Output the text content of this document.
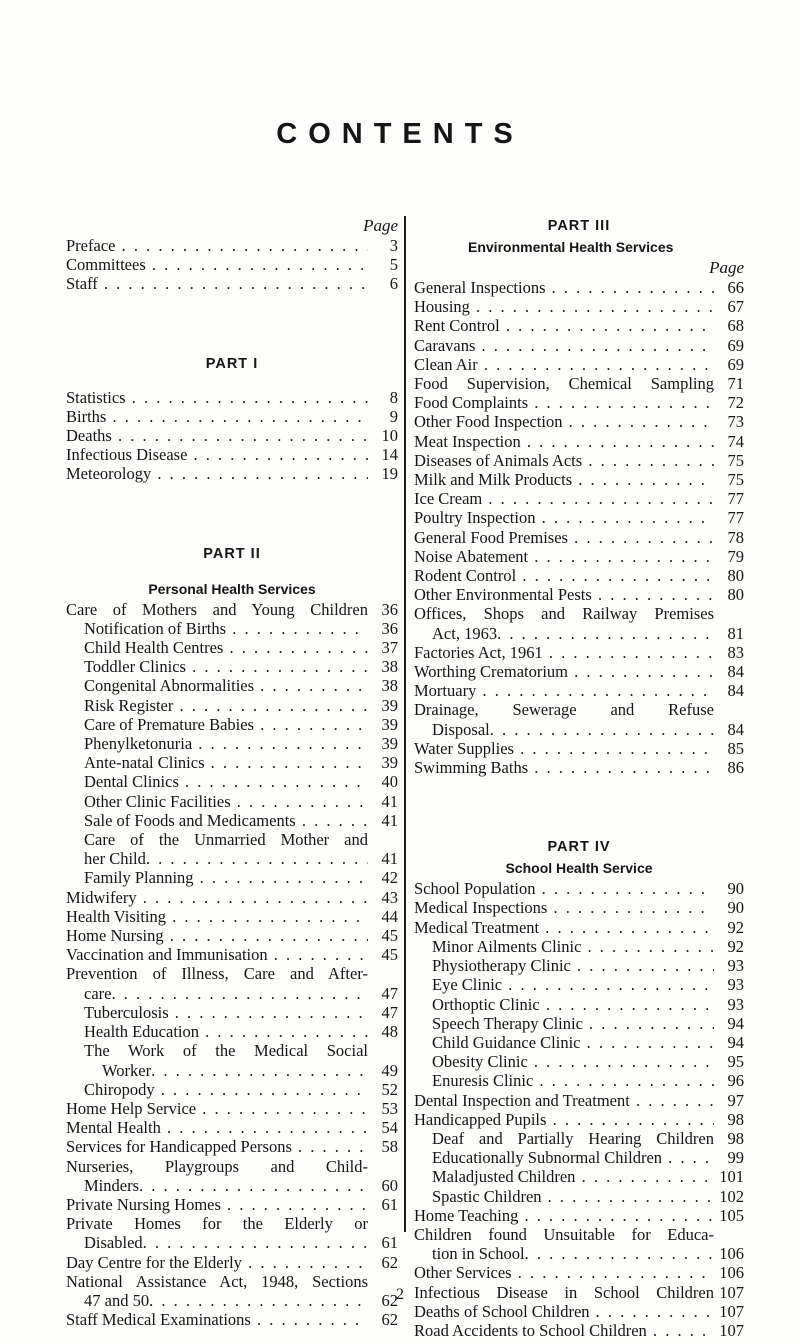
CONTENTS
Page
Preface . . .	3
Committees . . .	5
Staff . . .	6
PART I
Statistics . . .	8
Births . . .	9
Deaths . . .	10
Infectious Disease . . .	14
Meteorology . . .	19
PART II
Personal Health Services
Care of Mothers and Young Children 36
Notification of Births . . .	36
Child Health Centres . . .	37
Toddler Clinics . . .	38
Congenital Abnormalities . . .	38
Risk Register . . .	39
Care of Premature Babies . . .	39
Phenylketonuria . . .	39
Ante-natal Clinics . . .	39
Dental Clinics . . .	40
Other Clinic Facilities . . .	41
Sale of Foods and Medicaments . . .	41
Care of the Unmarried Mother and
her Child . . .	41
Family Planning . . .	42
Midwifery . . .	43
Health Visiting . . .	44
Home Nursing . . .	45
Vaccination and Immunisation . . .	45
Prevention of Illness, Care and After-
care . . .	47
Tuberculosis . . .	47
Health Education . . .	48
The Work of the Medical Social
Worker . . .	49
Chiropody . . .	52
Home Help Service . . .	53
Mental Health . . .	54
Services for Handicapped Persons . . .	58
Nurseries, Playgroups and Child-
Minders . . .	60
Private Nursing Homes . . .	61
Private Homes for the Elderly or
Disabled . . .	61
Day Centre for the Elderly . . .	62
National Assistance Act, 1948, Sections
47 and 50 . . .	62
Staff Medical Examinations . . .	62
PART III
Environmental Health Services
Page
General Inspections . . .	66
Housing . . .	67
Rent Control . . .	68
Caravans . . .	69
Clean Air . . .	69
Food Supervision, Chemical Sampling 71
Food Complaints . . .	72
Other Food Inspection . . .	73
Meat Inspection . . .	74
Diseases of Animals Acts . . .	75
Milk and Milk Products . . .	75
Ice Cream . . .	77
Poultry Inspection . . .	77
General Food Premises . . .	78
Noise Abatement . . .	79
Rodent Control . . .	80
Other Environmental Pests . . .	80
Offices, Shops and Railway Premises
Act, 1963 . . .	81
Factories Act, 1961 . . .	83
Worthing Crematorium . . .	84
Mortuary . . .	84
Drainage, Sewerage and Refuse
Disposal . . .	84
Water Supplies . . .	85
Swimming Baths . . .	86
PART IV
School Health Service
School Population . . .	90
Medical Inspections . . .	90
Medical Treatment . . .	92
Minor Ailments Clinic . . .	92
Physiotherapy Clinic . . .	93
Eye Clinic . . .	93
Orthoptic Clinic . . .	93
Speech Therapy Clinic . . .	94
Child Guidance Clinic . . .	94
Obesity Clinic . . .	95
Enuresis Clinic . . .	96
Dental Inspection and Treatment . . .	97
Handicapped Pupils . . .	98
Deaf and Partially Hearing Children 98
Educationally Subnormal Children . . .	99
Maladjusted Children . . .	101
Spastic Children . . .	102
Home Teaching . . .	105
Children found Unsuitable for Educa-
tion in School . . .	106
Other Services . . .	106
Infectious Disease in School Children 107
Deaths of School Children . . .	107
Road Accidents to School Children . . .	107
2
